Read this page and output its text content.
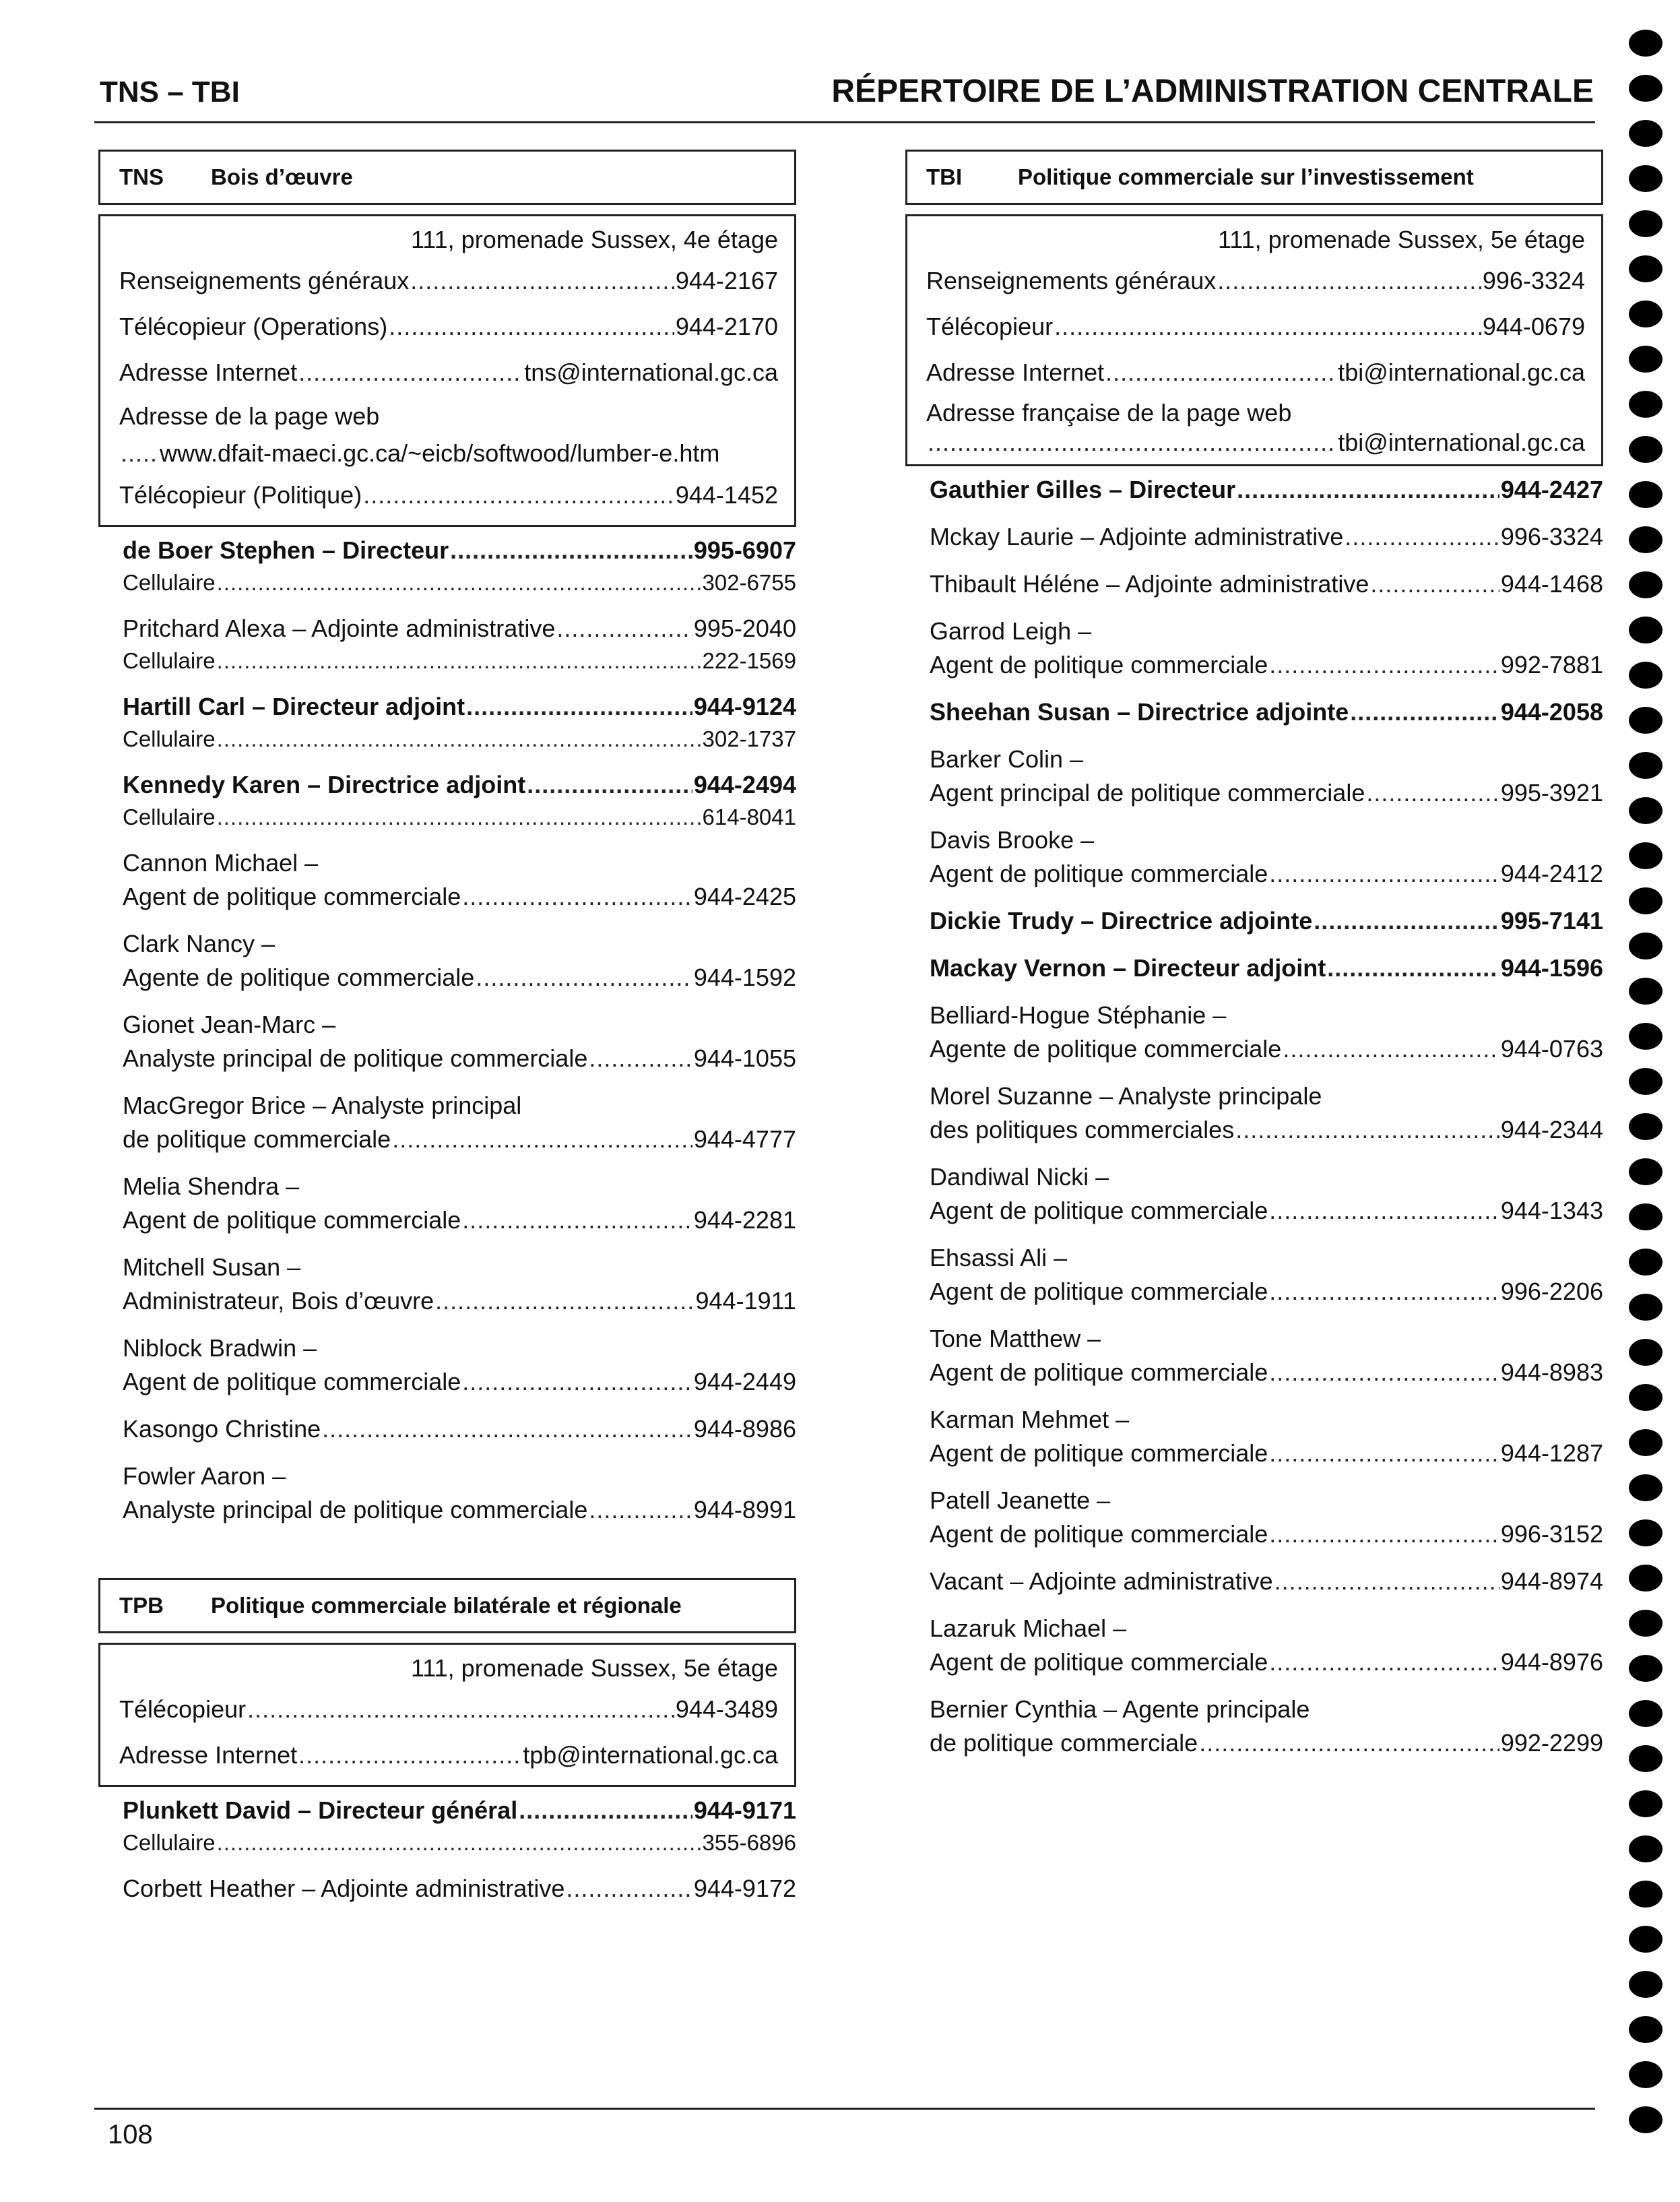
TNS – TBI	RÉPERTOIRE DE L’ADMINISTRATION CENTRALE
TNS	Bois d’œuvre
111, promenade Sussex, 4e étage
Renseignements généraux .....	944-2167
Télécopieur (Operations) .....	944-2170
Adresse Internet .....	tns@international.gc.ca
Adresse de la page web
.....
www.dfait-maeci.gc.ca/~eicb/softwood/lumber-e.htm
Télécopieur (Politique) .....	944-1452
de Boer Stephen – Directeur .....	995-6907
Cellulaire .....	302-6755
Pritchard Alexa – Adjointe administrative .....	995-2040
Cellulaire .....	222-1569
Hartill Carl – Directeur adjoint .....	944-9124
Cellulaire .....	302-1737
Kennedy Karen – Directrice adjoint .....	944-2494
Cellulaire .....	614-8041
Cannon Michael –
Agent de politique commerciale .....	944-2425
Clark Nancy –
Agente de politique commerciale .....	944-1592
Gionet Jean-Marc –
Analyste principal de politique commerciale .....	944-1055
MacGregor Brice – Analyste principal
de politique commerciale .....	944-4777
Melia Shendra –
Agent de politique commerciale .....	944-2281
Mitchell Susan –
Administrateur, Bois d’œuvre .....	944-1911
Niblock Bradwin –
Agent de politique commerciale .....	944-2449
Kasongo Christine .....	944-8986
Fowler Aaron –
Analyste principal de politique commerciale .....	944-8991
TPB	Politique commerciale bilatérale et régionale
111, promenade Sussex, 5e étage
Télécopieur .....	944-3489
Adresse Internet .....	tpb@international.gc.ca
Plunkett David – Directeur général .....	944-9171
Cellulaire .....	355-6896
Corbett Heather – Adjointe administrative .....	944-9172
TBI	Politique commerciale sur l’investissement
111, promenade Sussex, 5e étage
Renseignements généraux .....	996-3324
Télécopieur .....	944-0679
Adresse Internet .....	tbi@international.gc.ca
Adresse française de la page web
.....
tbi@international.gc.ca
Gauthier Gilles – Directeur .....	944-2427
Mckay Laurie – Adjointe administrative .....	996-3324
Thibault Héléne – Adjointe administrative .....	944-1468
Garrod Leigh –
Agent de politique commerciale .....	992-7881
Sheehan Susan – Directrice adjointe .....	944-2058
Barker Colin –
Agent principal de politique commerciale .....	995-3921
Davis Brooke –
Agent de politique commerciale .....	944-2412
Dickie Trudy – Directrice adjointe .....	995-7141
Mackay Vernon – Directeur adjoint .....	944-1596
Belliard-Hogue Stéphanie –
Agente de politique commerciale .....	944-0763
Morel Suzanne – Analyste principale
des politiques commerciales .....	944-2344
Dandiwal Nicki –
Agent de politique commerciale .....	944-1343
Ehsassi Ali –
Agent de politique commerciale .....	996-2206
Tone Matthew –
Agent de politique commerciale .....	944-8983
Karman Mehmet –
Agent de politique commerciale .....	944-1287
Patell Jeanette –
Agent de politique commerciale .....	996-3152
Vacant – Adjointe administrative .....	944-8974
Lazaruk Michael –
Agent de politique commerciale .....	944-8976
Bernier Cynthia – Agente principale
de politique commerciale .....	992-2299
108
